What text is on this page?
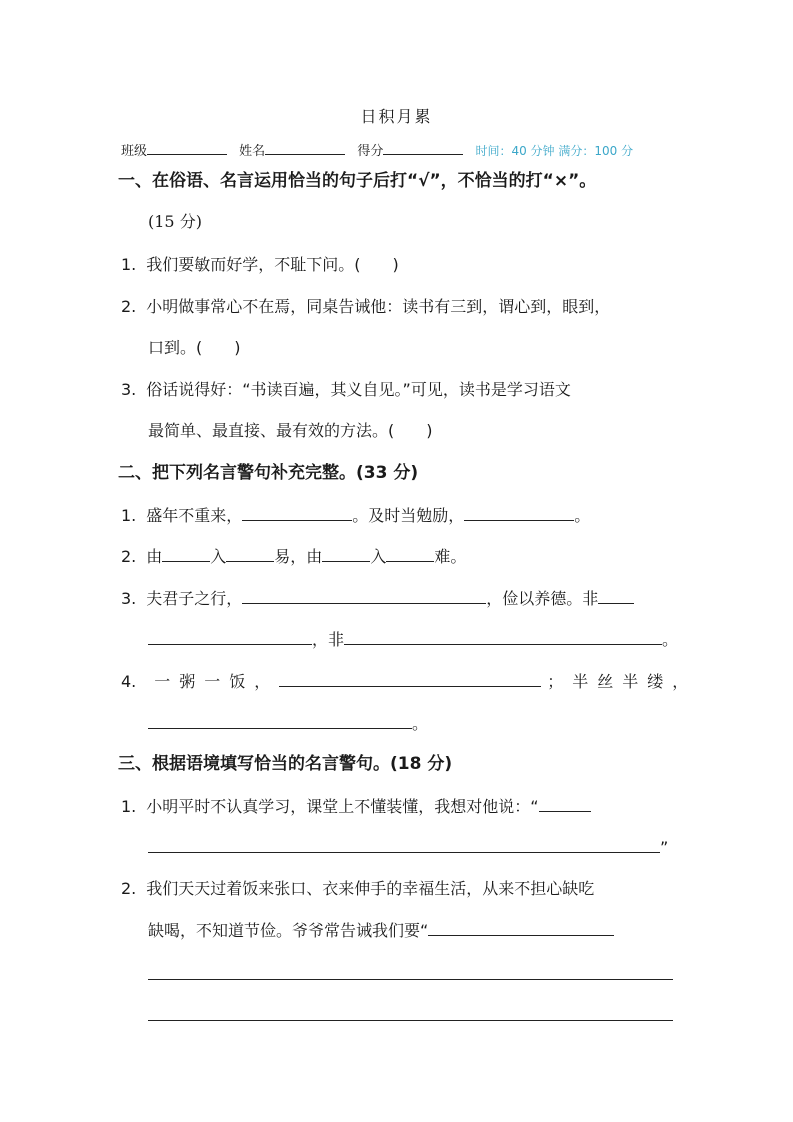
日积月累
班级	姓名	得分	时间：40 分钟 满分：100 分
一、在俗语、名言运用恰当的句子后打“√”，不恰当的打“×”。
(15 分)
1. 我们要敏而好学，不耻下问。(　　)
2. 小明做事常心不在焉，同桌告诫他：读书有三到，谓心到，眼到，
口到。(　　)
3. 俗话说得好：“书读百遍，其义自见。”可见，读书是学习语文
最简单、最直接、最有效的方法。(　　)
二、把下列名言警句补充完整。(33 分)
1. 盛年不重来，	。及时当勉励，	。
2. 由	入	易，由	入	难。
3. 夫君子之行，	，俭以养德。非
，非	。
4. 一粥一饭，	；半丝半缕，
。
三、根据语境填写恰当的名言警句。(18 分)
1. 小明平时不认真学习，课堂上不懂装懂，我想对他说：“
”
2. 我们天天过着饭来张口、衣来伸手的幸福生活，从来不担心缺吃
缺喝，不知道节俭。爷爷常告诫我们要“
